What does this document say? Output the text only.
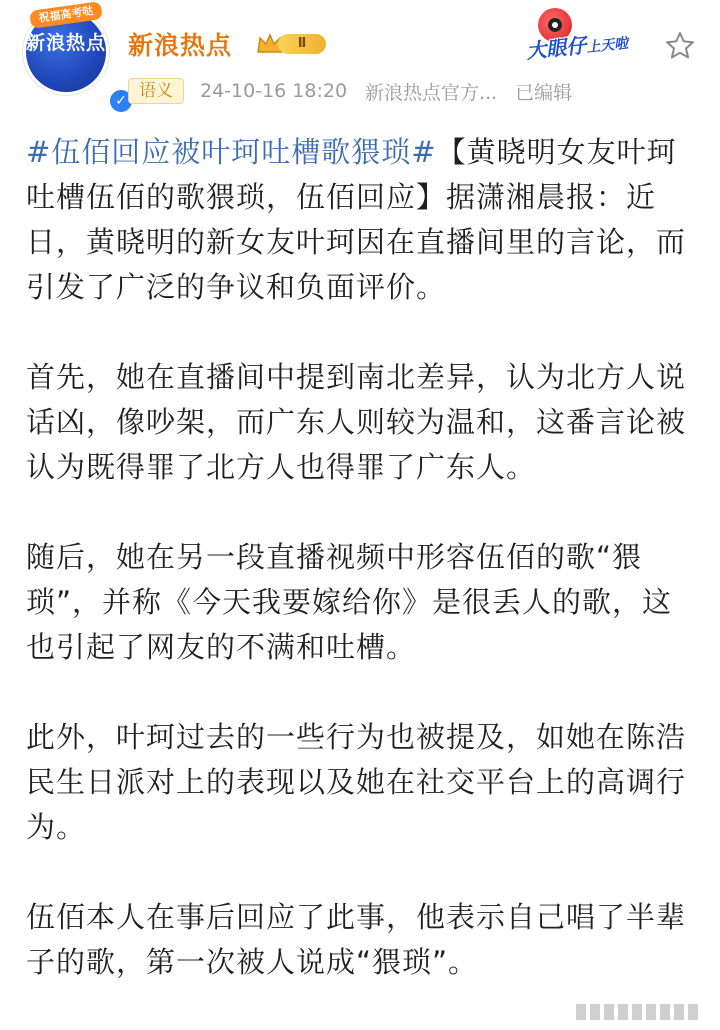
祝福高考哒
新浪热点
✓
新浪热点	Ⅱ	大眼仔上天啦
语义	24-10-16 18:20 新浪热点官方... 已编辑

#伍佰回应被叶珂吐槽歌猥琐#【黄晓明女友叶珂吐槽伍佰的歌猥琐，伍佰回应】据潇湘晨报：近日，黄晓明的新女友叶珂因在直播间里的言论，而引发了广泛的争议和负面评价。

首先，她在直播间中提到南北差异，认为北方人说话凶，像吵架，而广东人则较为温和，这番言论被认为既得罪了北方人也得罪了广东人。

随后，她在另一段直播视频中形容伍佰的歌“猥琐”，并称《今天我要嫁给你》是很丢人的歌，这也引起了网友的不满和吐槽。

此外，叶珂过去的一些行为也被提及，如她在陈浩民生日派对上的表现以及她在社交平台上的高调行为。

伍佰本人在事后回应了此事，他表示自己唱了半辈子的歌，第一次被人说成“猥琐”。
